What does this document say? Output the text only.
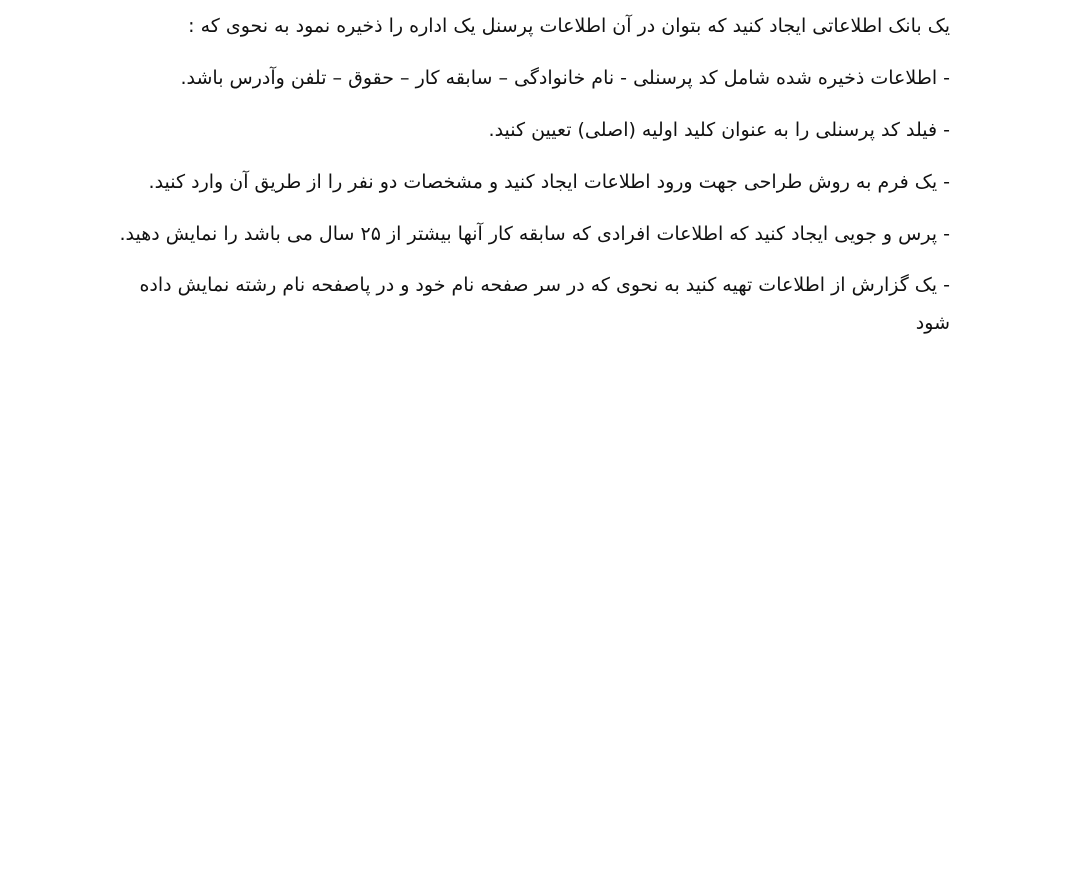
یک بانک اطلاعاتی ایجاد کنید که بتوان در آن اطلاعات پرسنل یک اداره را ذخیره نمود به نحوی که :

- اطلاعات ذخیره شده شامل کد پرسنلی - نام خانوادگی – سابقه کار – حقوق – تلفن وآدرس باشد.

- فیلد کد پرسنلی را به عنوان کلید اولیه (اصلی) تعیین کنید.

- یک فرم به روش طراحی جهت ورود اطلاعات ایجاد کنید و مشخصات دو نفر را از طریق آن وارد کنید.

- پرس و جویی ایجاد کنید که اطلاعات افرادی که سابقه کار آنها بیشتر از ۲۵ سال می باشد را نمایش دهید.

- یک گزارش از اطلاعات تهیه کنید به نحوی که در سر صفحه نام خود و در پاصفحه نام رشته نمایش داده شود
